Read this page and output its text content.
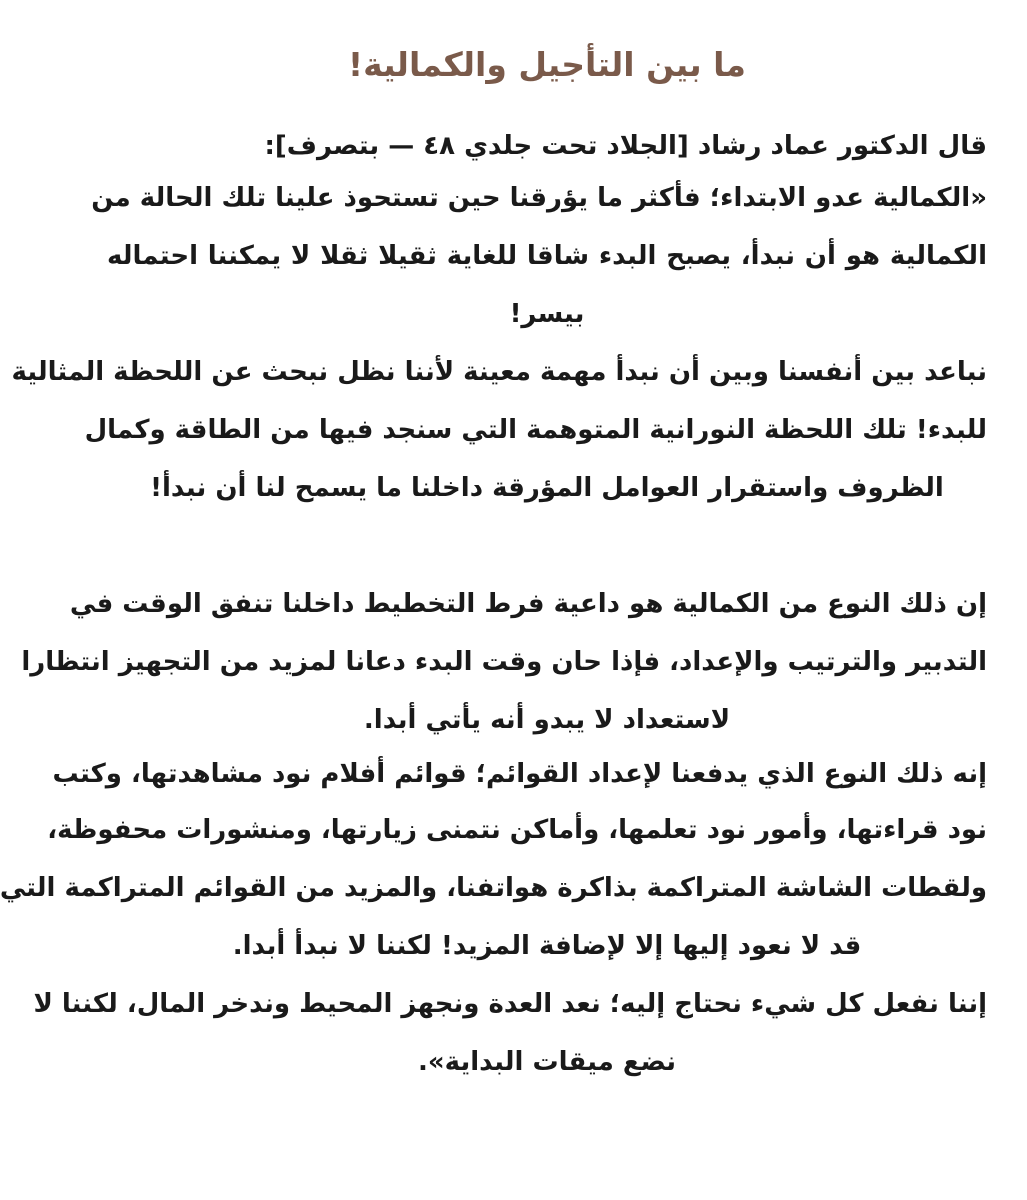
ما بين التأجيل والكمالية!
قال الدكتور عماد رشاد [الجلاد تحت جلدي ٤٨ — بتصرف]:
«الكمالية عدو الابتداء؛ فأكثر ما يؤرقنا حين تستحوذ علينا تلك الحالة من
الكمالية هو أن نبدأ، يصبح البدء شاقا للغاية ثقيلا ثقلا لا يمكننا احتماله
بيسر!
نباعد بين أنفسنا وبين أن نبدأ مهمة معينة لأننا نظل نبحث عن اللحظة المثالية
للبدء! تلك اللحظة النورانية المتوهمة التي سنجد فيها من الطاقة وكمال
الظروف واستقرار العوامل المؤرقة داخلنا ما يسمح لنا أن نبدأ!
إن ذلك النوع من الكمالية هو داعية فرط التخطيط داخلنا تنفق الوقت في
التدبير والترتيب والإعداد، فإذا حان وقت البدء دعانا لمزيد من التجهيز انتظارا
لاستعداد لا يبدو أنه يأتي أبدا.
إنه ذلك النوع الذي يدفعنا لإعداد القوائم؛ قوائم أفلام نود مشاهدتها، وكتب
نود قراءتها، وأمور نود تعلمها، وأماكن نتمنى زيارتها، ومنشورات محفوظة،
ولقطات الشاشة المتراكمة بذاكرة هواتفنا، والمزيد من القوائم المتراكمة التي
قد لا نعود إليها إلا لإضافة المزيد! لكننا لا نبدأ أبدا.
إننا نفعل كل شيء نحتاج إليه؛ نعد العدة ونجهز المحيط وندخر المال، لكننا لا
نضع ميقات البداية».
